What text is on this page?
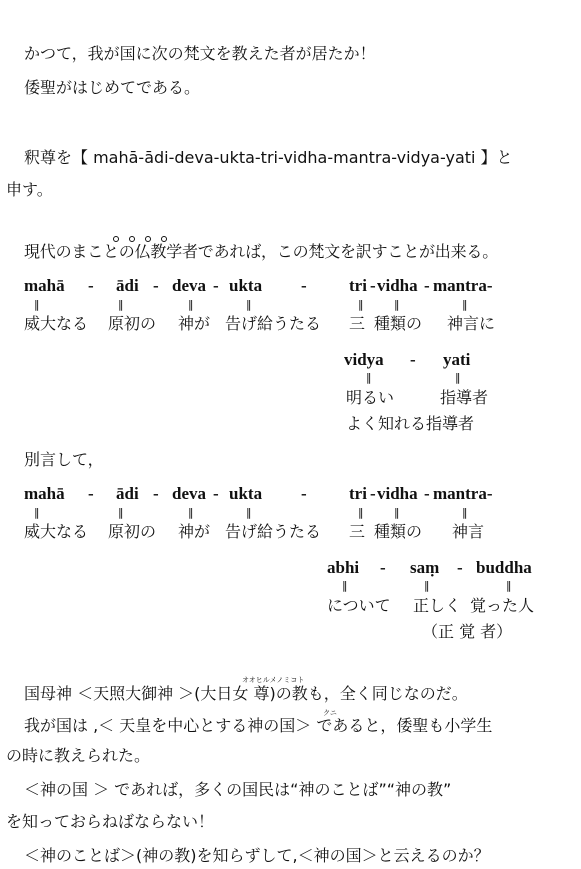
かつて，我が国に次の梵文を教えた者が居たか！
倭聖がはじめてである。
釈尊を【 mahā-ādi-deva-ukta-tri-vidha-mantra-vidya-yati 】と
申す。
現代のまことの仏教学者であれば，この梵文を訳すことが出来る。
mahā - ādi - deva - ukta - tri - vidha - mantra-
‖	‖	‖	‖	‖	‖	‖
威大なる 原初の 神が 告げ給うたる 三 種類の 神言に
vidya - yati
‖	‖
明るい	指導者
よく知れる指導者
別言して，
mahā - ādi - deva - ukta - tri - vidha - mantra-
‖	‖	‖	‖	‖	‖	‖
威大なる 原初の 神が 告げ給うたる 三 種類の 神言
abhi - saṃ - buddha
‖	‖	‖
について 正しく 覚った人
（正 覚 者）
オオヒルメノミコト
国母神 ＜天照大御神 ＞(大日女 尊)の教も，全く同じなのだ。
クニ
我が国は ,＜ 天皇を中心とする神の国＞ であると，倭聖も小学生
の時に教えられた。
＜神の国 ＞ であれば，多くの国民は“神のことば”“神の教”
を知っておらねばならない！
＜神のことば＞(神の教)を知らずして,＜神の国＞と云えるのか？
